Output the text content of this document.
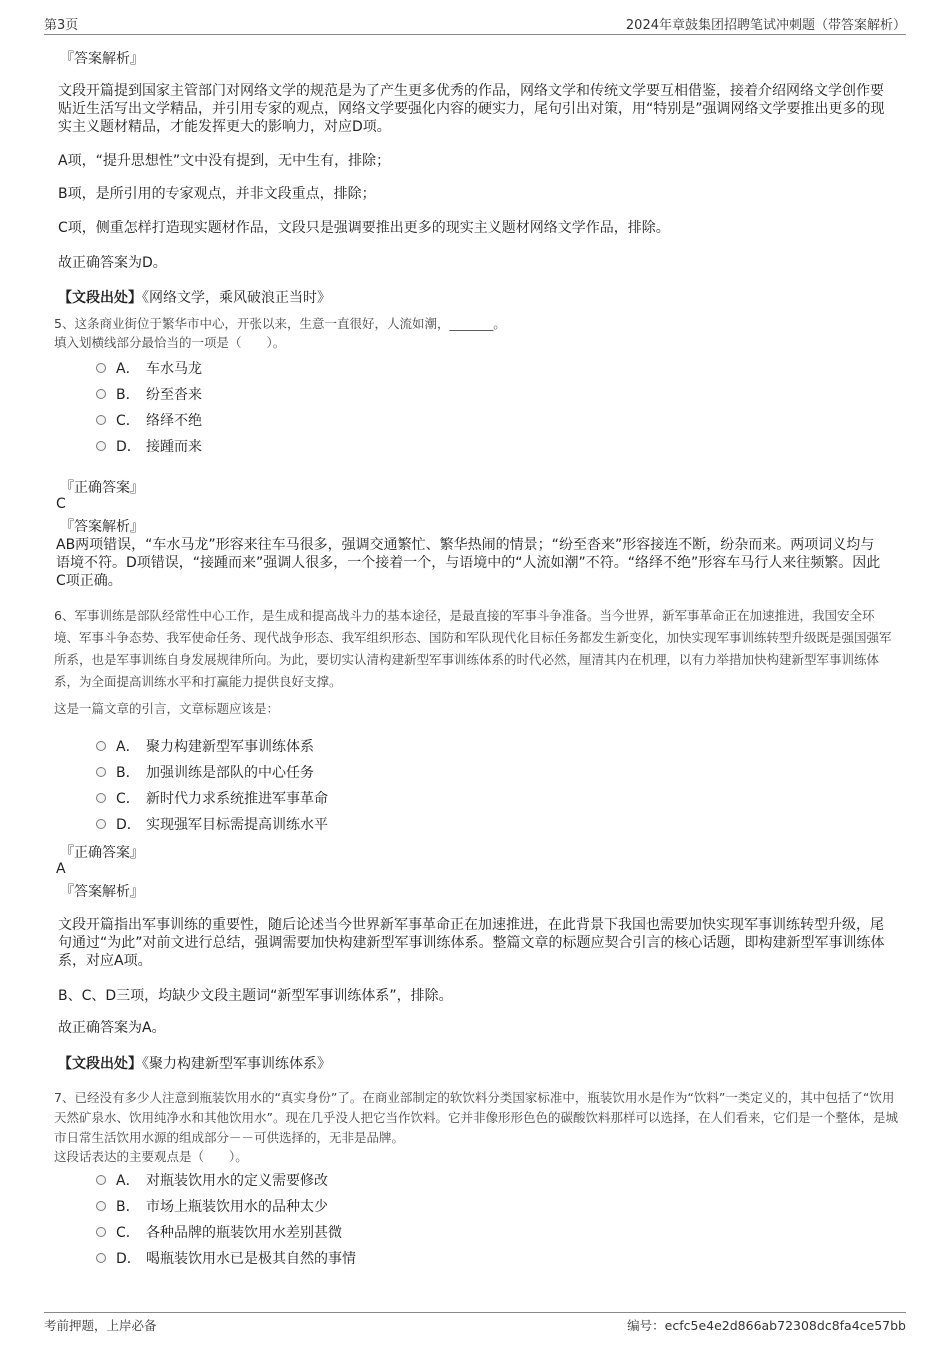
第3页	2024年章鼓集团招聘笔试冲刺题（带答案解析）
『答案解析』
文段开篇提到国家主管部门对网络文学的规范是为了产生更多优秀的作品，网络文学和传统文学要互相借鉴，接着介绍网络文学创作要贴近生活写出文学精品，并引用专家的观点，网络文学要强化内容的硬实力，尾句引出对策，用“特别是”强调网络文学要推出更多的现实主义题材精品，才能发挥更大的影响力，对应D项。
A项，“提升思想性”文中没有提到，无中生有，排除；
B项，是所引用的专家观点，并非文段重点，排除；
C项，侧重怎样打造现实题材作品，文段只是强调要推出更多的现实主义题材网络文学作品，排除。
故正确答案为D。
【文段出处】《网络文学，乘风破浪正当时》
5、这条商业街位于繁华市中心，开张以来，生意一直很好，人流如潮，_______。
填入划横线部分最恰当的一项是（　　）。
A． 车水马龙
B． 纷至沓来
C． 络绎不绝
D． 接踵而来
『正确答案』
C
『答案解析』
AB两项错误，“车水马龙”形容来往车马很多，强调交通繁忙、繁华热闹的情景；“纷至沓来”形容接连不断，纷杂而来。两项词义均与语境不符。D项错误，“接踵而来”强调人很多，一个接着一个，与语境中的“人流如潮”不符。“络绎不绝”形容车马行人来往频繁。因此C项正确。
6、军事训练是部队经常性中心工作，是生成和提高战斗力的基本途径，是最直接的军事斗争准备。当今世界，新军事革命正在加速推进，我国安全环境、军事斗争态势、我军使命任务、现代战争形态、我军组织形态、国防和军队现代化目标任务都发生新变化，加快实现军事训练转型升级既是强国强军所系，也是军事训练自身发展规律所向。为此，要切实认清构建新型军事训练体系的时代必然，厘清其内在机理，以有力举措加快构建新型军事训练体系，为全面提高训练水平和打赢能力提供良好支撑。
这是一篇文章的引言，文章标题应该是：
A． 聚力构建新型军事训练体系
B． 加强训练是部队的中心任务
C． 新时代力求系统推进军事革命
D． 实现强军目标需提高训练水平
『正确答案』
A
『答案解析』
文段开篇指出军事训练的重要性，随后论述当今世界新军事革命正在加速推进，在此背景下我国也需要加快实现军事训练转型升级，尾句通过“为此”对前文进行总结，强调需要加快构建新型军事训练体系。整篇文章的标题应契合引言的核心话题，即构建新型军事训练体系，对应A项。
B、C、D三项，均缺少文段主题词“新型军事训练体系”，排除。
故正确答案为A。
【文段出处】《聚力构建新型军事训练体系》
7、已经没有多少人注意到瓶装饮用水的“真实身份”了。在商业部制定的软饮料分类国家标准中，瓶装饮用水是作为“饮料”一类定义的，其中包括了“饮用天然矿泉水、饮用纯净水和其他饮用水”。现在几乎没人把它当作饮料。它并非像形形色色的碳酸饮料那样可以选择，在人们看来，它们是一个整体，是城市日常生活饮用水源的组成部分－－可供选择的，无非是品牌。
这段话表达的主要观点是（　　）。
A． 对瓶装饮用水的定义需要修改
B． 市场上瓶装饮用水的品种太少
C． 各种品牌的瓶装饮用水差别甚微
D． 喝瓶装饮用水已是极其自然的事情
考前押题，上岸必备	编号：ecfc5e4e2d866ab72308dc8fa4ce57bb
